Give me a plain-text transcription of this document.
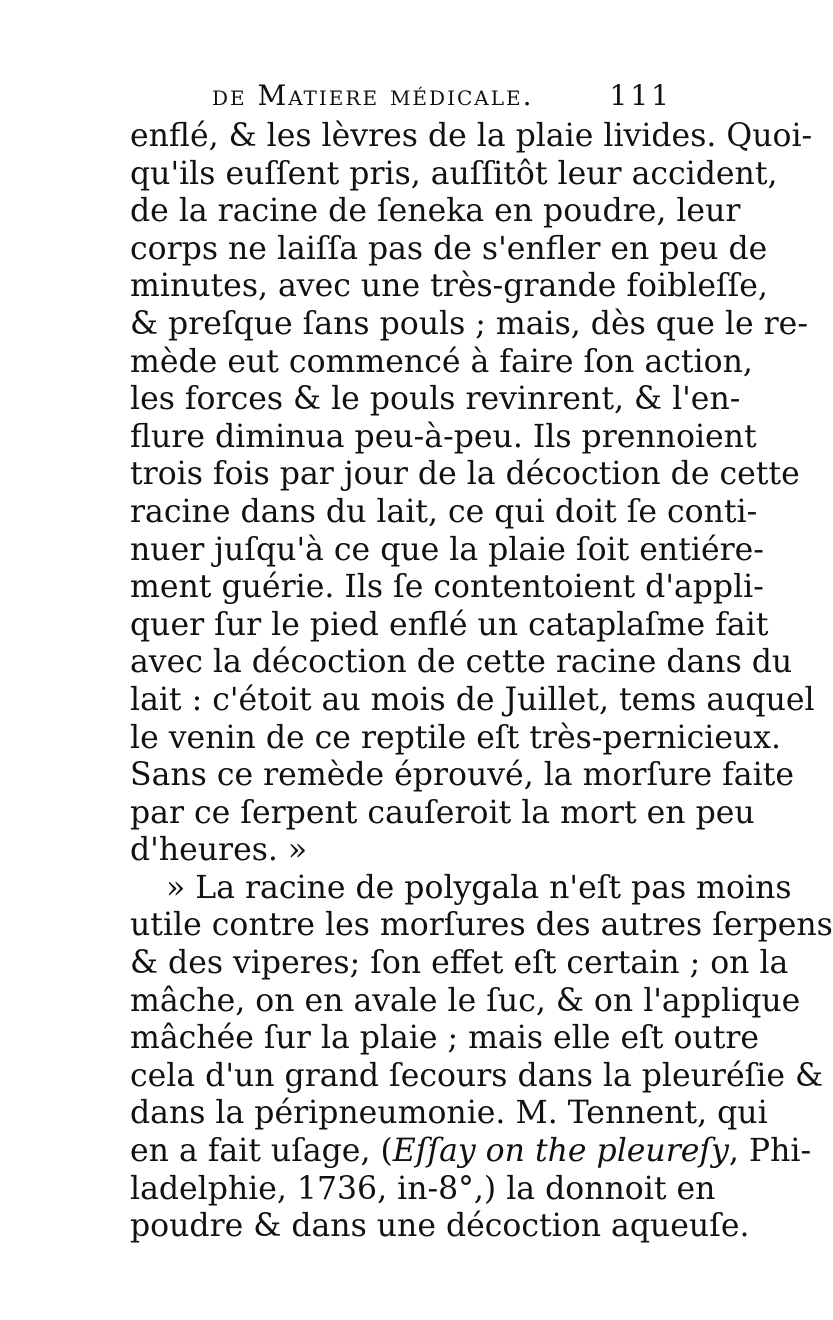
de Matiere médicale.	111
enflé, & les lèvres de la plaie livides. Quoi-
qu'ils euſſent pris, auſſitôt leur accident,
de la racine de ſeneka en poudre, leur
corps ne laiſſa pas de s'enfler en peu de
minutes, avec une très-grande foibleſſe,
& preſque ſans pouls ; mais, dès que le re-
mède eut commencé à faire ſon action,
les forces & le pouls revinrent, & l'en-
flure diminua peu-à-peu. Ils prennoient
trois fois par jour de la décoction de cette
racine dans du lait, ce qui doit ſe conti-
nuer juſqu'à ce que la plaie ſoit entiére-
ment guérie. Ils ſe contentoient d'appli-
quer ſur le pied enflé un cataplaſme fait
avec la décoction de cette racine dans du
lait : c'étoit au mois de Juillet, tems auquel
le venin de ce reptile eſt très-pernicieux.
Sans ce remède éprouvé, la morſure faite
par ce ſerpent cauſeroit la mort en peu
d'heures. »
» La racine de polygala n'eſt pas moins
utile contre les morſures des autres ſerpens
& des viperes; ſon effet eſt certain ; on la
mâche, on en avale le ſuc, & on l'applique
mâchée ſur la plaie ; mais elle eſt outre
cela d'un grand ſecours dans la pleuréſie &
dans la péripneumonie. M. Tennent, qui
en a fait uſage, (Eſſay on the pleureſy, Phi-
ladelphie, 1736, in-8°,) la donnoit en
poudre & dans une décoction aqueuſe.
